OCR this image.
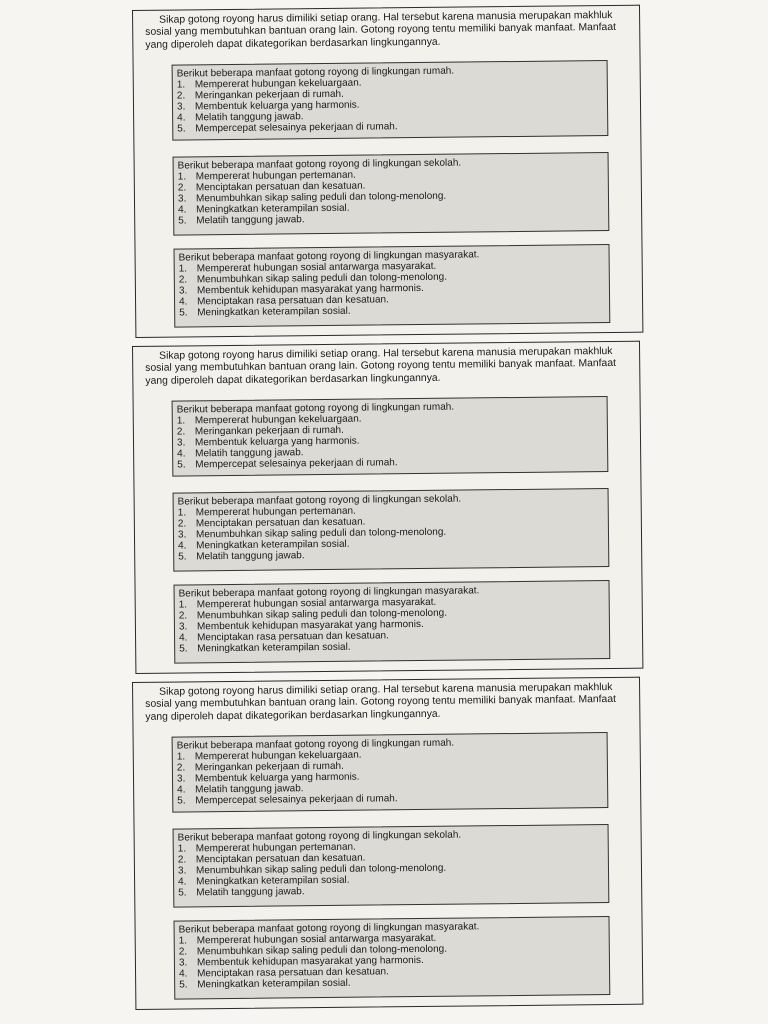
Sikap gotong royong harus dimiliki setiap orang. Hal tersebut karena manusia merupakan makhluk sosial yang membutuhkan bantuan orang lain. Gotong royong tentu memiliki banyak manfaat. Manfaat yang diperoleh dapat dikategorikan berdasarkan lingkungannya.

Berikut beberapa manfaat gotong royong di lingkungan rumah.

1. Mempererat hubungan kekeluargaan.
2. Meringankan pekerjaan di rumah.
3. Membentuk keluarga yang harmonis.
4. Melatih tanggung jawab.
5. Mempercepat selesainya pekerjaan di rumah.

Berikut beberapa manfaat gotong royong di lingkungan sekolah.

1. Mempererat hubungan pertemanan.
2. Menciptakan persatuan dan kesatuan.
3. Menumbuhkan sikap saling peduli dan tolong-menolong.
4. Meningkatkan keterampilan sosial.
5. Melatih tanggung jawab.

Berikut beberapa manfaat gotong royong di lingkungan masyarakat.

1. Mempererat hubungan sosial antarwarga masyarakat.
2. Menumbuhkan sikap saling peduli dan tolong-menolong.
3. Membentuk kehidupan masyarakat yang harmonis.
4. Menciptakan rasa persatuan dan kesatuan.
5. Meningkatkan keterampilan sosial.

Sikap gotong royong harus dimiliki setiap orang. Hal tersebut karena manusia merupakan makhluk sosial yang membutuhkan bantuan orang lain. Gotong royong tentu memiliki banyak manfaat. Manfaat yang diperoleh dapat dikategorikan berdasarkan lingkungannya.

Berikut beberapa manfaat gotong royong di lingkungan rumah.

1. Mempererat hubungan kekeluargaan.
2. Meringankan pekerjaan di rumah.
3. Membentuk keluarga yang harmonis.
4. Melatih tanggung jawab.
5. Mempercepat selesainya pekerjaan di rumah.

Berikut beberapa manfaat gotong royong di lingkungan sekolah.

1. Mempererat hubungan pertemanan.
2. Menciptakan persatuan dan kesatuan.
3. Menumbuhkan sikap saling peduli dan tolong-menolong.
4. Meningkatkan keterampilan sosial.
5. Melatih tanggung jawab.

Berikut beberapa manfaat gotong royong di lingkungan masyarakat.

1. Mempererat hubungan sosial antarwarga masyarakat.
2. Menumbuhkan sikap saling peduli dan tolong-menolong.
3. Membentuk kehidupan masyarakat yang harmonis.
4. Menciptakan rasa persatuan dan kesatuan.
5. Meningkatkan keterampilan sosial.

Sikap gotong royong harus dimiliki setiap orang. Hal tersebut karena manusia merupakan makhluk sosial yang membutuhkan bantuan orang lain. Gotong royong tentu memiliki banyak manfaat. Manfaat yang diperoleh dapat dikategorikan berdasarkan lingkungannya.

Berikut beberapa manfaat gotong royong di lingkungan rumah.

1. Mempererat hubungan kekeluargaan.
2. Meringankan pekerjaan di rumah.
3. Membentuk keluarga yang harmonis.
4. Melatih tanggung jawab.
5. Mempercepat selesainya pekerjaan di rumah.

Berikut beberapa manfaat gotong royong di lingkungan sekolah.

1. Mempererat hubungan pertemanan.
2. Menciptakan persatuan dan kesatuan.
3. Menumbuhkan sikap saling peduli dan tolong-menolong.
4. Meningkatkan keterampilan sosial.
5. Melatih tanggung jawab.

Berikut beberapa manfaat gotong royong di lingkungan masyarakat.

1. Mempererat hubungan sosial antarwarga masyarakat.
2. Menumbuhkan sikap saling peduli dan tolong-menolong.
3. Membentuk kehidupan masyarakat yang harmonis.
4. Menciptakan rasa persatuan dan kesatuan.
5. Meningkatkan keterampilan sosial.
